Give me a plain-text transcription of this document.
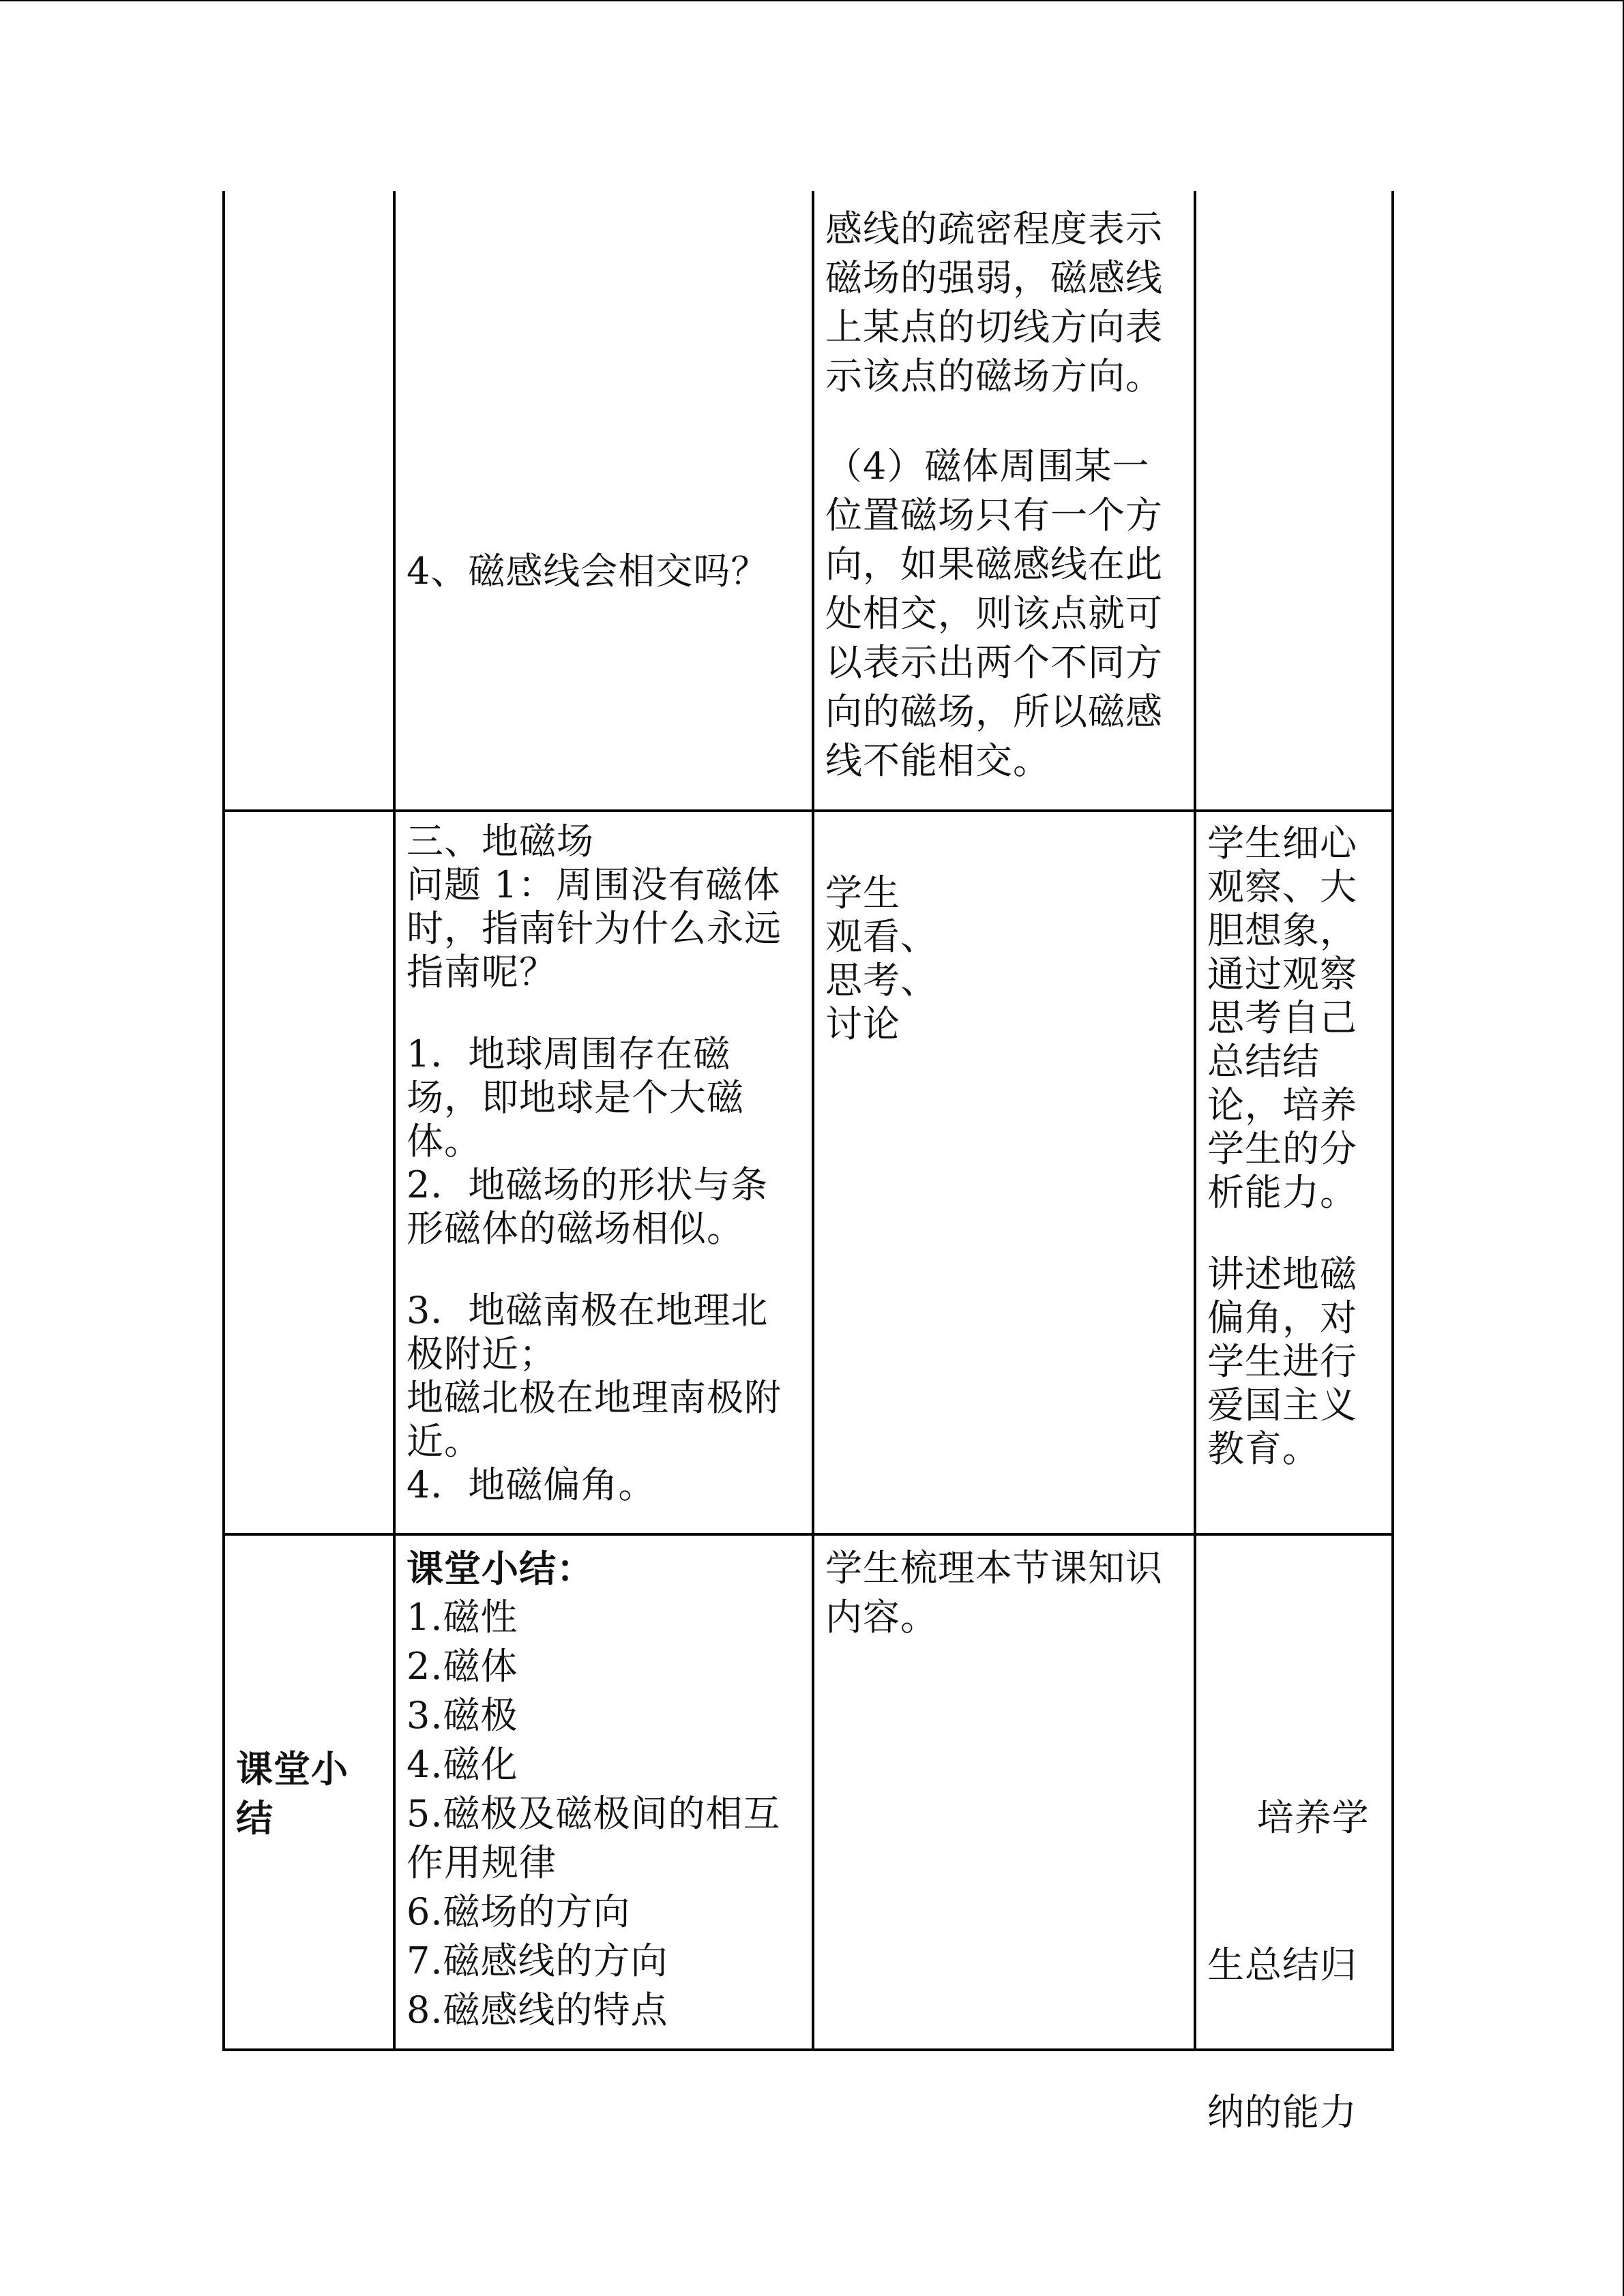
4、磁感线会相交吗？
感线的疏密程度表示
磁场的强弱，磁感线
上某点的切线方向表
示该点的磁场方向。
（4）磁体周围某一
位置磁场只有一个方
向，如果磁感线在此
处相交，则该点就可
以表示出两个不同方
向的磁场，所以磁感
线不能相交。
三、地磁场
问题 1：周围没有磁体
时，指南针为什么永远
指南呢？
1．地球周围存在磁
场，即地球是个大磁
体。
2．地磁场的形状与条
形磁体的磁场相似。
3．地磁南极在地理北
极附近；
地磁北极在地理南极附
近。
4．地磁偏角。
学生
观看、
思考、
讨论
学生细心
观察、大
胆想象，
通过观察
思考自己
总结结
论，培养
学生的分
析能力。
讲述地磁
偏角，对
学生进行
爱国主义
教育。
课堂小
结
课堂小结：
1.磁性
2.磁体
3.磁极
4.磁化
5.磁极及磁极间的相互
作用规律
6.磁场的方向
7.磁感线的方向
8.磁感线的特点
学生梳理本节课知识
内容。

培养学

生总结归

纳的能力
